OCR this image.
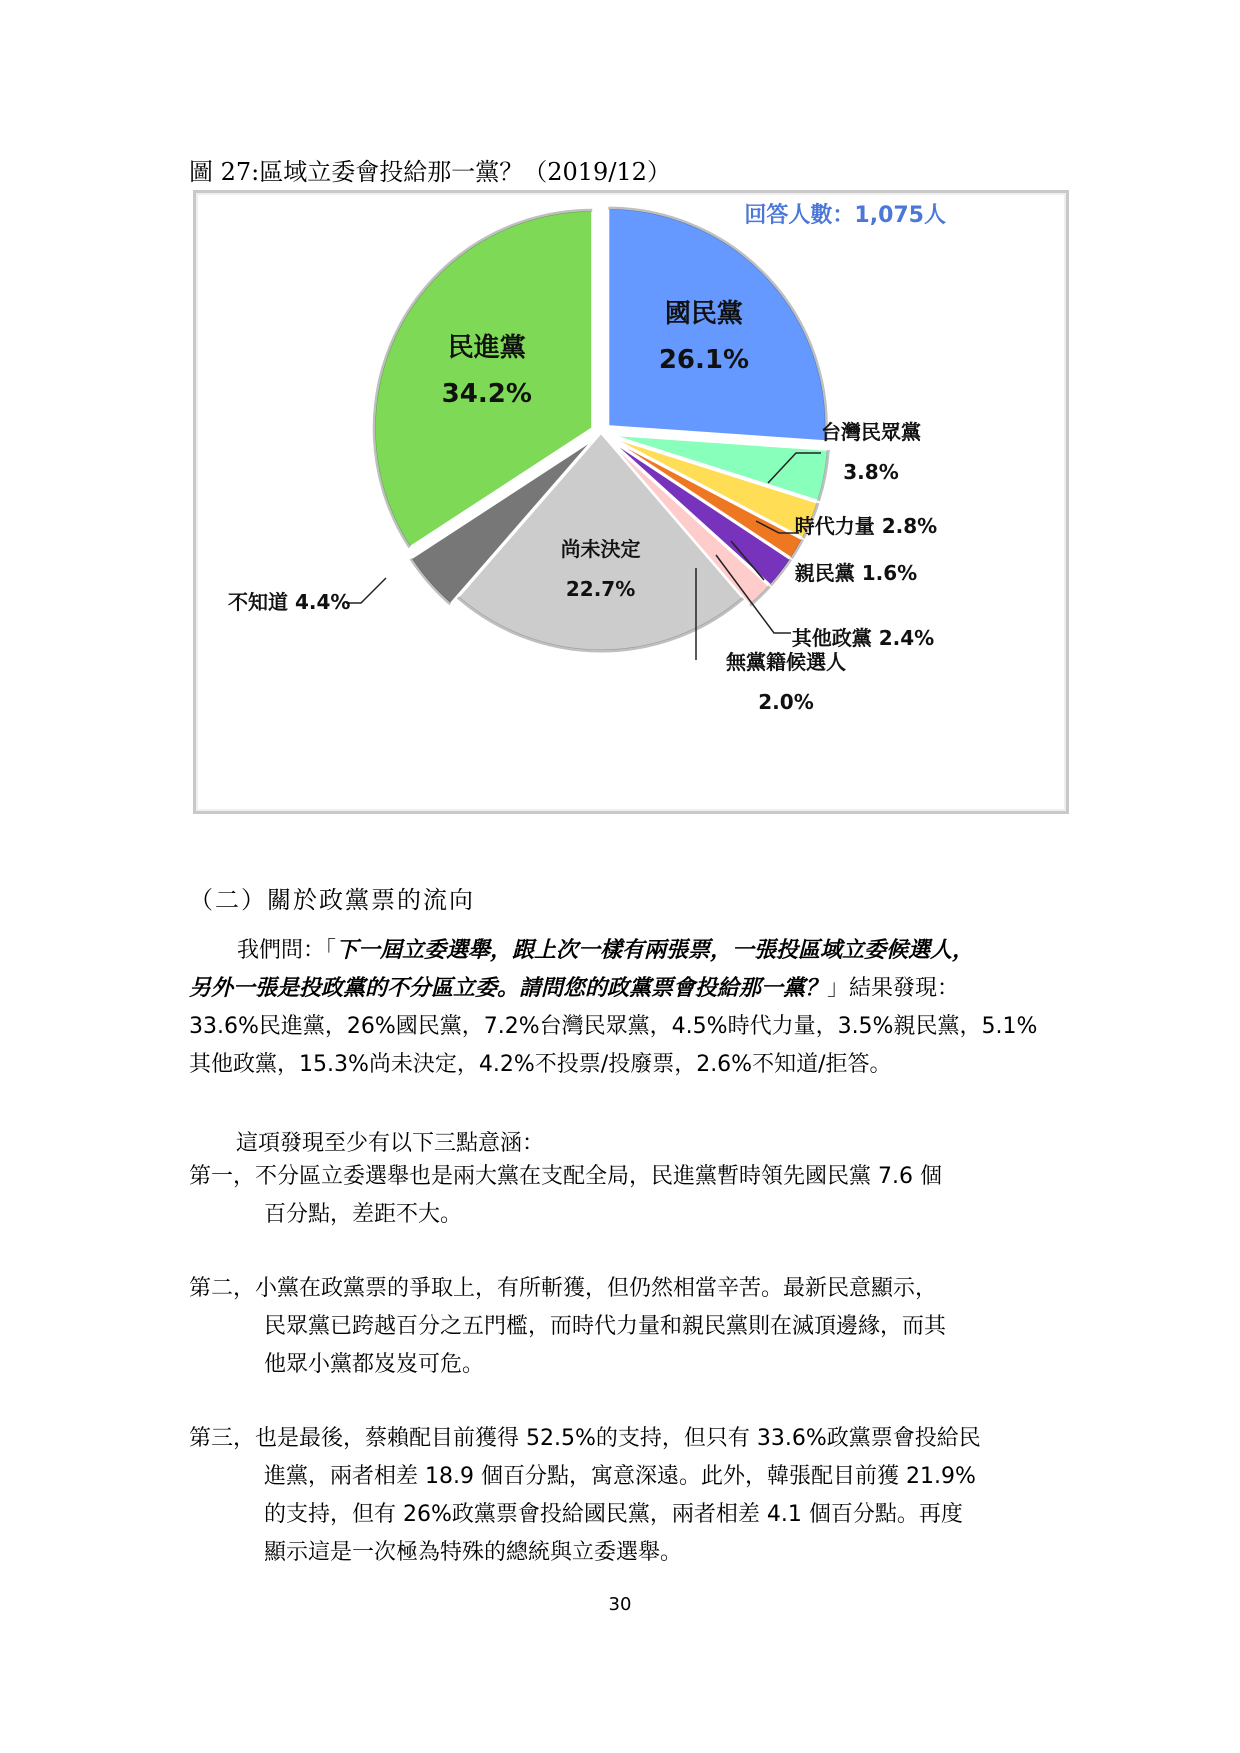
圖 27:區域立委會投給那一黨？（2019/12）
回答人數：1,075人
國民黨
26.1%
台灣民眾黨
3.8%
時代力量 2.8%
親民黨 1.6%
其他政黨 2.4%
無黨籍候選人
2.0%
尚未決定
22.7%
不知道 4.4%
民進黨
34.2%
（二）關於政黨票的流向
我們問：「下一屆立委選舉，跟上次一樣有兩張票，一張投區域立委候選人，
另外一張是投政黨的不分區立委。請問您的政黨票會投給那一黨？」結果發現：
33.6%民進黨，26%國民黨，7.2%台灣民眾黨，4.5%時代力量，3.5%親民黨，5.1%
其他政黨，15.3%尚未決定，4.2%不投票/投廢票，2.6%不知道/拒答。
這項發現至少有以下三點意涵：
第一，不分區立委選舉也是兩大黨在支配全局，民進黨暫時領先國民黨 7.6 個
百分點，差距不大。
第二，小黨在政黨票的爭取上，有所斬獲，但仍然相當辛苦。最新民意顯示，
民眾黨已跨越百分之五門檻，而時代力量和親民黨則在滅頂邊緣，而其
他眾小黨都岌岌可危。
第三，也是最後，蔡賴配目前獲得 52.5%的支持，但只有 33.6%政黨票會投給民
進黨，兩者相差 18.9 個百分點，寓意深遠。此外，韓張配目前獲 21.9%
的支持，但有 26%政黨票會投給國民黨，兩者相差 4.1 個百分點。再度
顯示這是一次極為特殊的總統與立委選舉。
30
